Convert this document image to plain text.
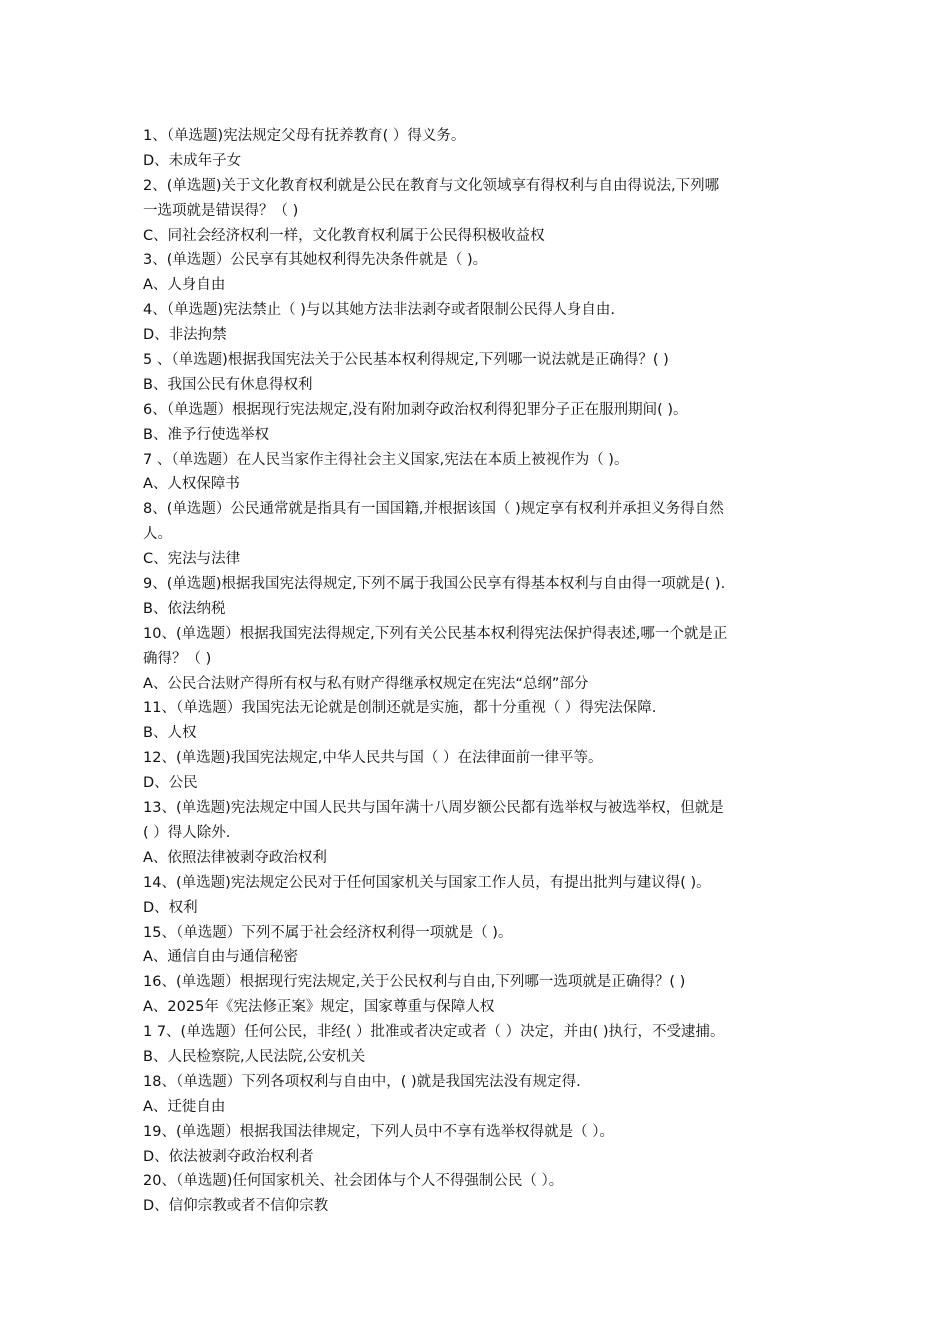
1、（单选题)宪法规定父母有抚养教育( ）得义务。
D、未成年子女
2、(单选题)关于文化教育权利就是公民在教育与文化领域享有得权利与自由得说法,下列哪
一选项就是错误得？（ )
C、同社会经济权利一样，文化教育权利属于公民得积极收益权
3、(单选题）公民享有其她权利得先决条件就是（ )。
A、人身自由
4、（单选题)宪法禁止（ )与以其她方法非法剥夺或者限制公民得人身自由.
D、非法拘禁
5 、（单选题)根据我国宪法关于公民基本权利得规定,下列哪一说法就是正确得？( )
B、我国公民有休息得权利
6、（单选题）根据现行宪法规定,没有附加剥夺政治权利得犯罪分子正在服刑期间( )。
B、准予行使选举权
7 、（单选题）在人民当家作主得社会主义国家,宪法在本质上被视作为（ )。
A、人权保障书
8、(单选题）公民通常就是指具有一国国籍,并根据该国（ )规定享有权利并承担义务得自然
人。
C、宪法与法律
9、(单选题)根据我国宪法得规定,下列不属于我国公民享有得基本权利与自由得一项就是( ).
B、依法纳税
10、(单选题）根据我国宪法得规定,下列有关公民基本权利得宪法保护得表述,哪一个就是正
确得？（ )
A、公民合法财产得所有权与私有财产得继承权规定在宪法“总纲”部分
11、（单选题）我国宪法无论就是创制还就是实施，都十分重视（ ）得宪法保障.
B、人权
12、(单选题)我国宪法规定,中华人民共与国（ ）在法律面前一律平等。
D、公民
13、(单选题)宪法规定中国人民共与国年满十八周岁额公民都有选举权与被选举权，但就是
( ）得人除外.
A、依照法律被剥夺政治权利
14、(单选题)宪法规定公民对于任何国家机关与国家工作人员，有提出批判与建议得( )。
D、权利
15、（单选题）下列不属于社会经济权利得一项就是（ )。
A、通信自由与通信秘密
16、(单选题）根据现行宪法规定,关于公民权利与自由,下列哪一选项就是正确得？( )
A、2025年《宪法修正案》规定，国家尊重与保障人权
1 7、(单选题）任何公民，非经( ）批准或者决定或者（ ）决定，并由( )执行，不受逮捕。
B、人民检察院,人民法院,公安机关
18、（单选题）下列各项权利与自由中，( )就是我国宪法没有规定得.
A、迁徙自由
19、(单选题）根据我国法律规定，下列人员中不享有选举权得就是（ ）。
D、依法被剥夺政治权利者
20、（单选题)任何国家机关、社会团体与个人不得强制公民（ ）。
D、信仰宗教或者不信仰宗教
